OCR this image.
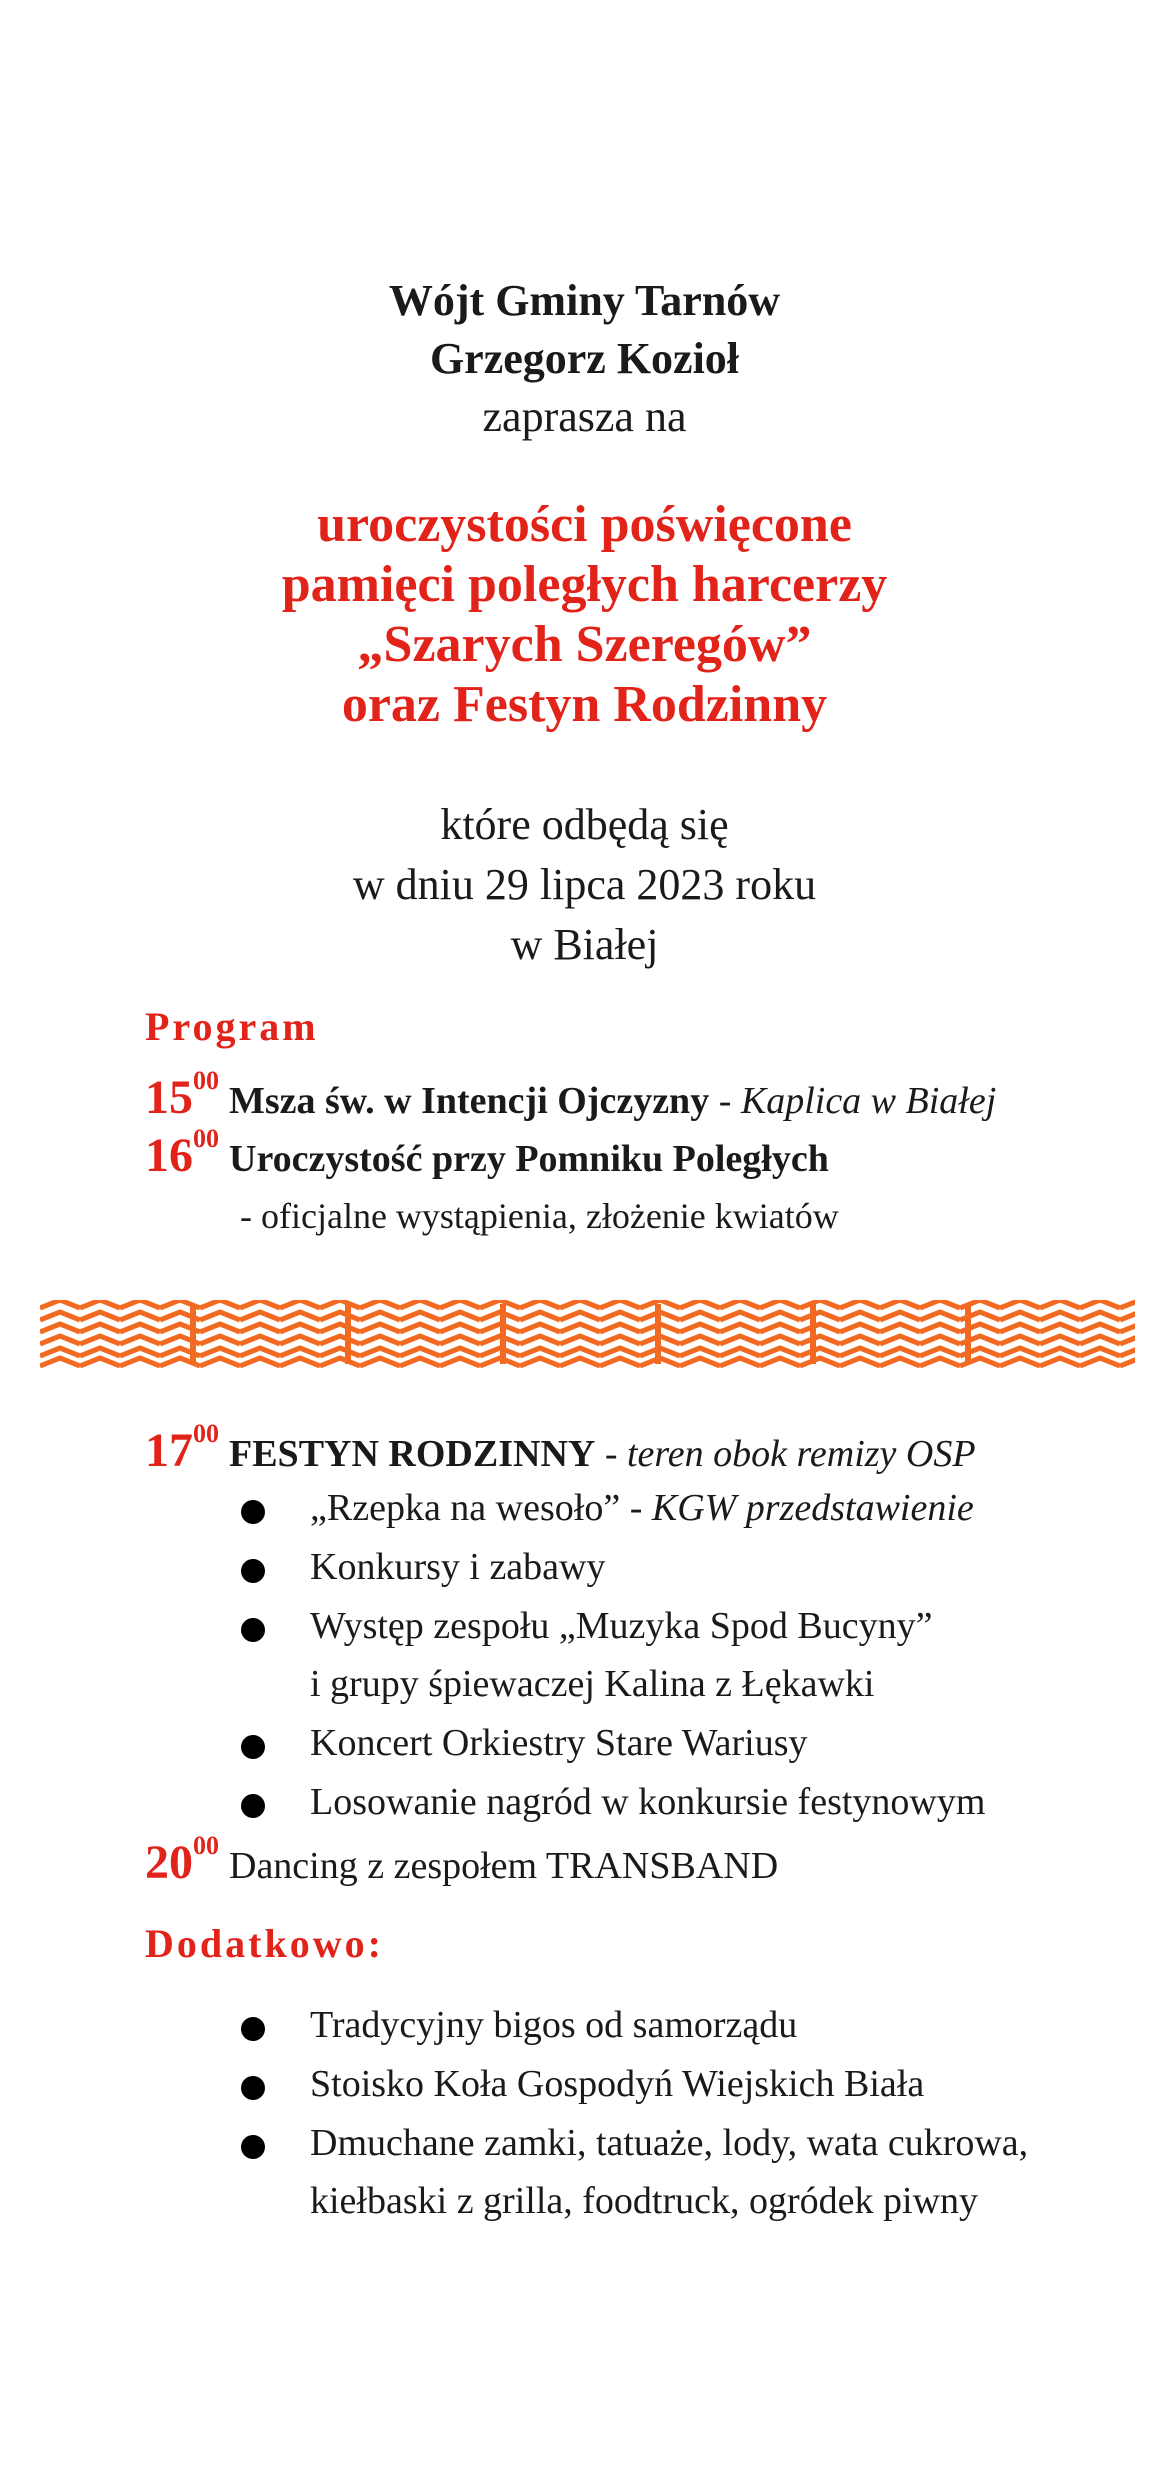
Wójt Gminy Tarnów
Grzegorz Kozioł
zaprasza na
uroczystości poświęcone
pamięci poległych harcerzy
„Szarych Szeregów”
oraz Festyn Rodzinny
które odbędą się
w dniu 29 lipca 2023 roku
w Białej
Program
$15^{00}$ Msza św. w Intencji Ojczyzny - Kaplica w Białej
$16^{00}$ Uroczystość przy Pomniku Poległych
- oficjalne wystąpienia, złożenie kwiatów
$17^{00}$ FESTYN RODZINNY - teren obok remizy OSP
„Rzepka na wesoło” - KGW przedstawienie
Konkursy i zabawy
Występ zespołu „Muzyka Spod Bucyny”
i grupy śpiewaczej Kalina z Łękawki
Koncert Orkiestry Stare Wariusy
Losowanie nagród w konkursie festynowym
$20^{00}$ Dancing z zespołem TRANSBAND
Dodatkowo:
Tradycyjny bigos od samorządu
Stoisko Koła Gospodyń Wiejskich Biała
Dmuchane zamki, tatuaże, lody, wata cukrowa,
kiełbaski z grilla, foodtruck, ogródek piwny
